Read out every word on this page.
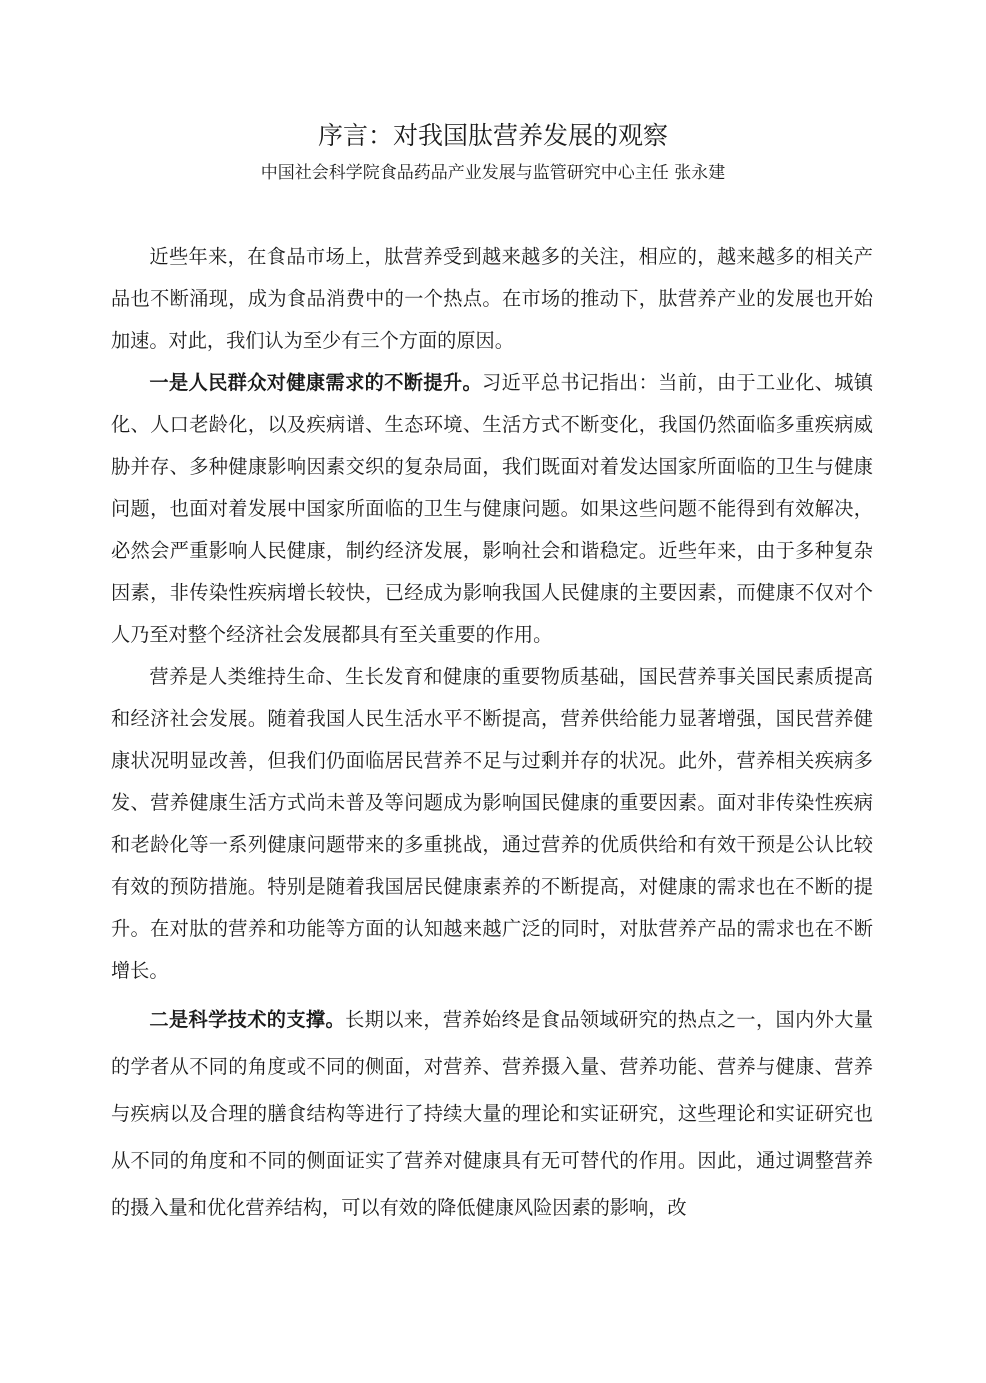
序言：对我国肽营养发展的观察
中国社会科学院食品药品产业发展与监管研究中心主任 张永建

近些年来，在食品市场上，肽营养受到越来越多的关注，相应的，越来越多的相关产品也不断涌现，成为食品消费中的一个热点。在市场的推动下，肽营养产业的发展也开始加速。对此，我们认为至少有三个方面的原因。

一是人民群众对健康需求的不断提升。习近平总书记指出：当前，由于工业化、城镇化、人口老龄化，以及疾病谱、生态环境、生活方式不断变化，我国仍然面临多重疾病威胁并存、多种健康影响因素交织的复杂局面，我们既面对着发达国家所面临的卫生与健康问题，也面对着发展中国家所面临的卫生与健康问题。如果这些问题不能得到有效解决，必然会严重影响人民健康，制约经济发展，影响社会和谐稳定。近些年来，由于多种复杂因素，非传染性疾病增长较快，已经成为影响我国人民健康的主要因素，而健康不仅对个人乃至对整个经济社会发展都具有至关重要的作用。

营养是人类维持生命、生长发育和健康的重要物质基础，国民营养事关国民素质提高和经济社会发展。随着我国人民生活水平不断提高，营养供给能力显著增强，国民营养健康状况明显改善，但我们仍面临居民营养不足与过剩并存的状况。此外，营养相关疾病多发、营养健康生活方式尚未普及等问题成为影响国民健康的重要因素。面对非传染性疾病和老龄化等一系列健康问题带来的多重挑战，通过营养的优质供给和有效干预是公认比较有效的预防措施。特别是随着我国居民健康素养的不断提高，对健康的需求也在不断的提升。在对肽的营养和功能等方面的认知越来越广泛的同时，对肽营养产品的需求也在不断增长。

二是科学技术的支撑。长期以来，营养始终是食品领域研究的热点之一，国内外大量的学者从不同的角度或不同的侧面，对营养、营养摄入量、营养功能、营养与健康、营养与疾病以及合理的膳食结构等进行了持续大量的理论和实证研究，这些理论和实证研究也从不同的角度和不同的侧面证实了营养对健康具有无可替代的作用。因此，通过调整营养的摄入量和优化营养结构，可以有效的降低健康风险因素的影响，改
